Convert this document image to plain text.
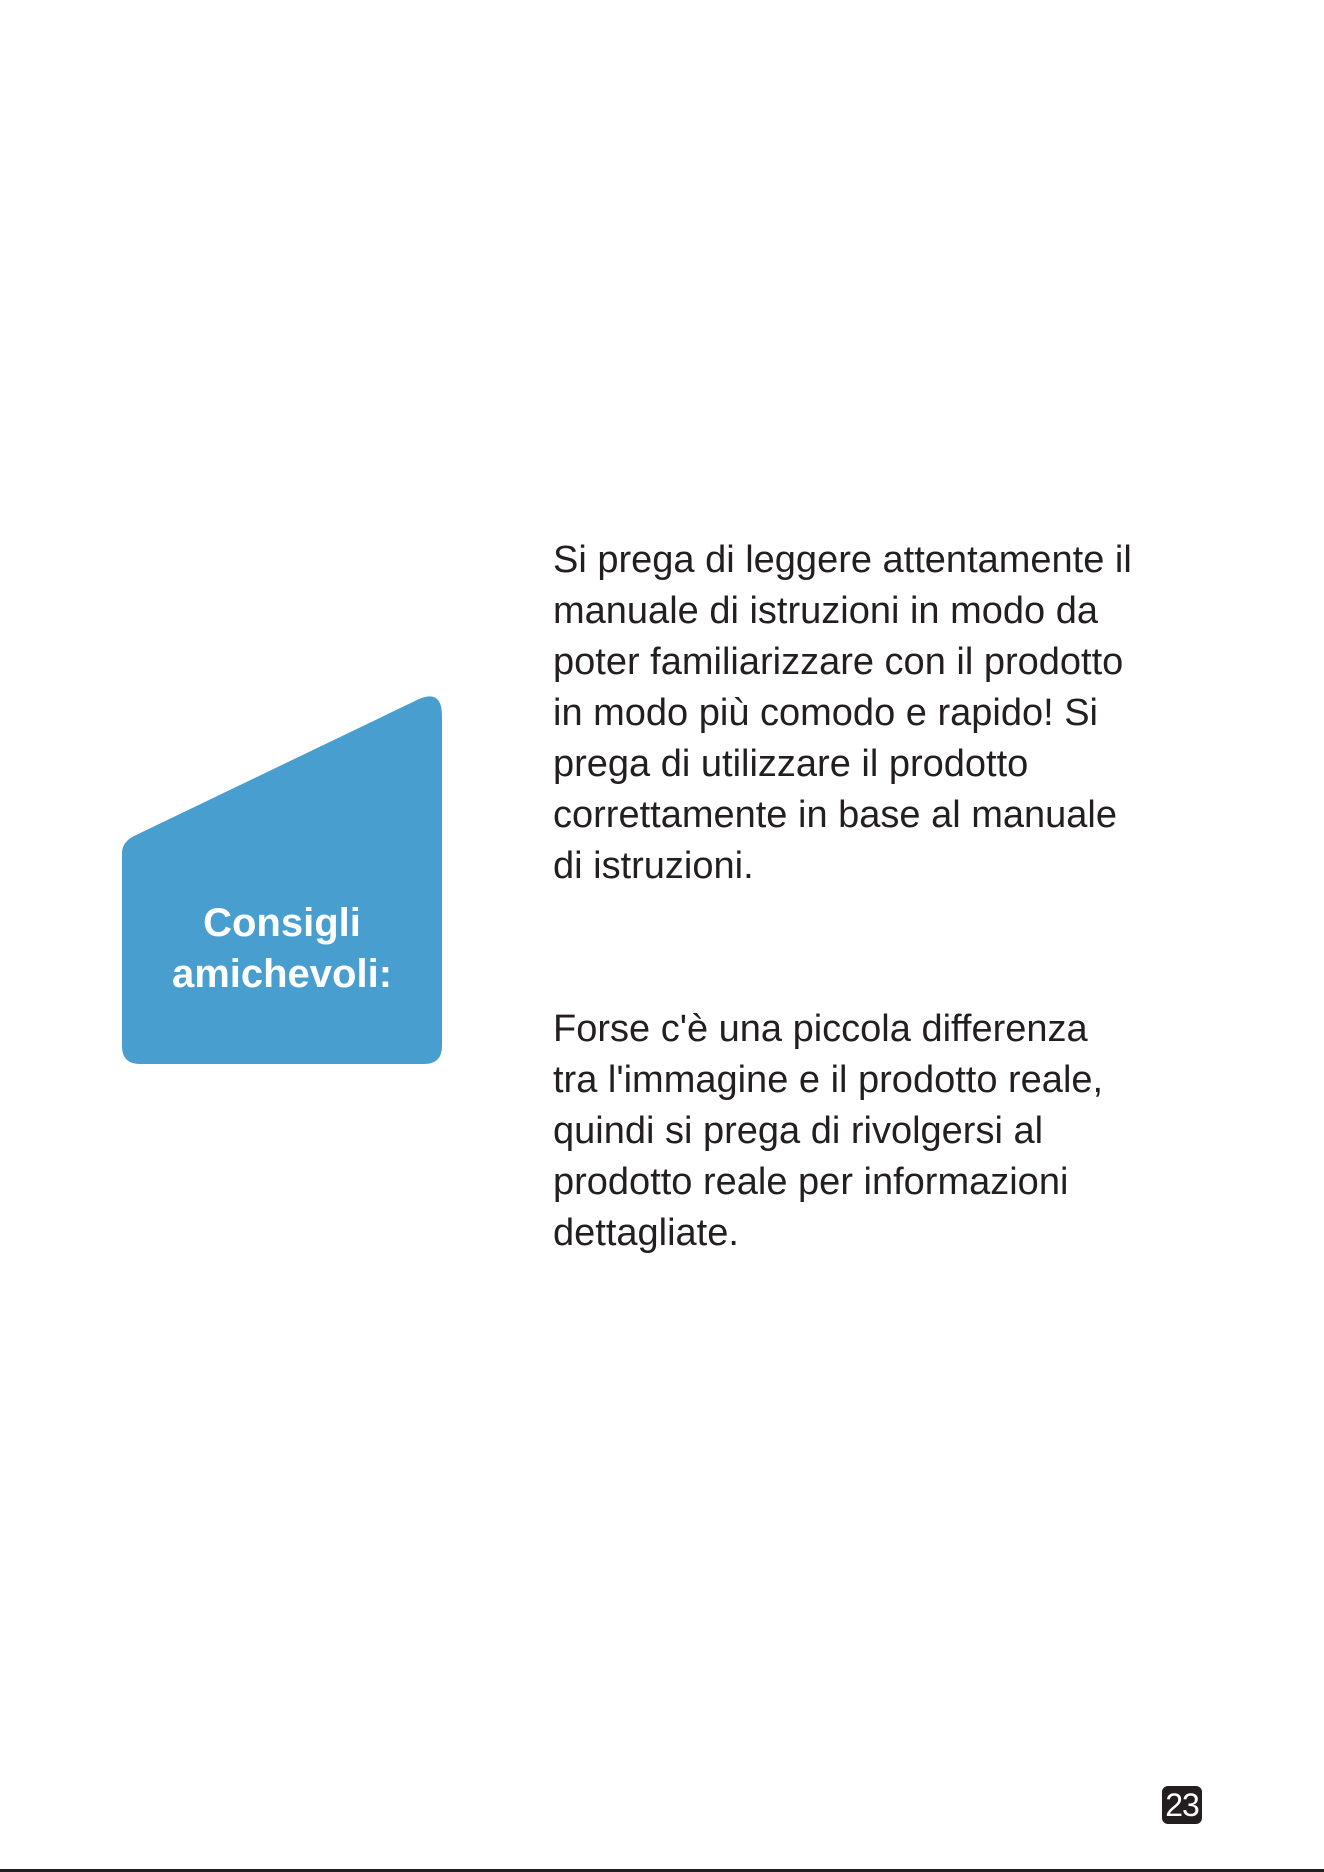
Consigli
amichevoli:

Si prega di leggere attentamente il
manuale di istruzioni in modo da
poter familiarizzare con il prodotto
in modo più comodo e rapido! Si
prega di utilizzare il prodotto
correttamente in base al manuale
di istruzioni.

Forse c'è una piccola differenza
tra l'immagine e il prodotto reale,
quindi si prega di rivolgersi al
prodotto reale per informazioni
dettagliate.

23
